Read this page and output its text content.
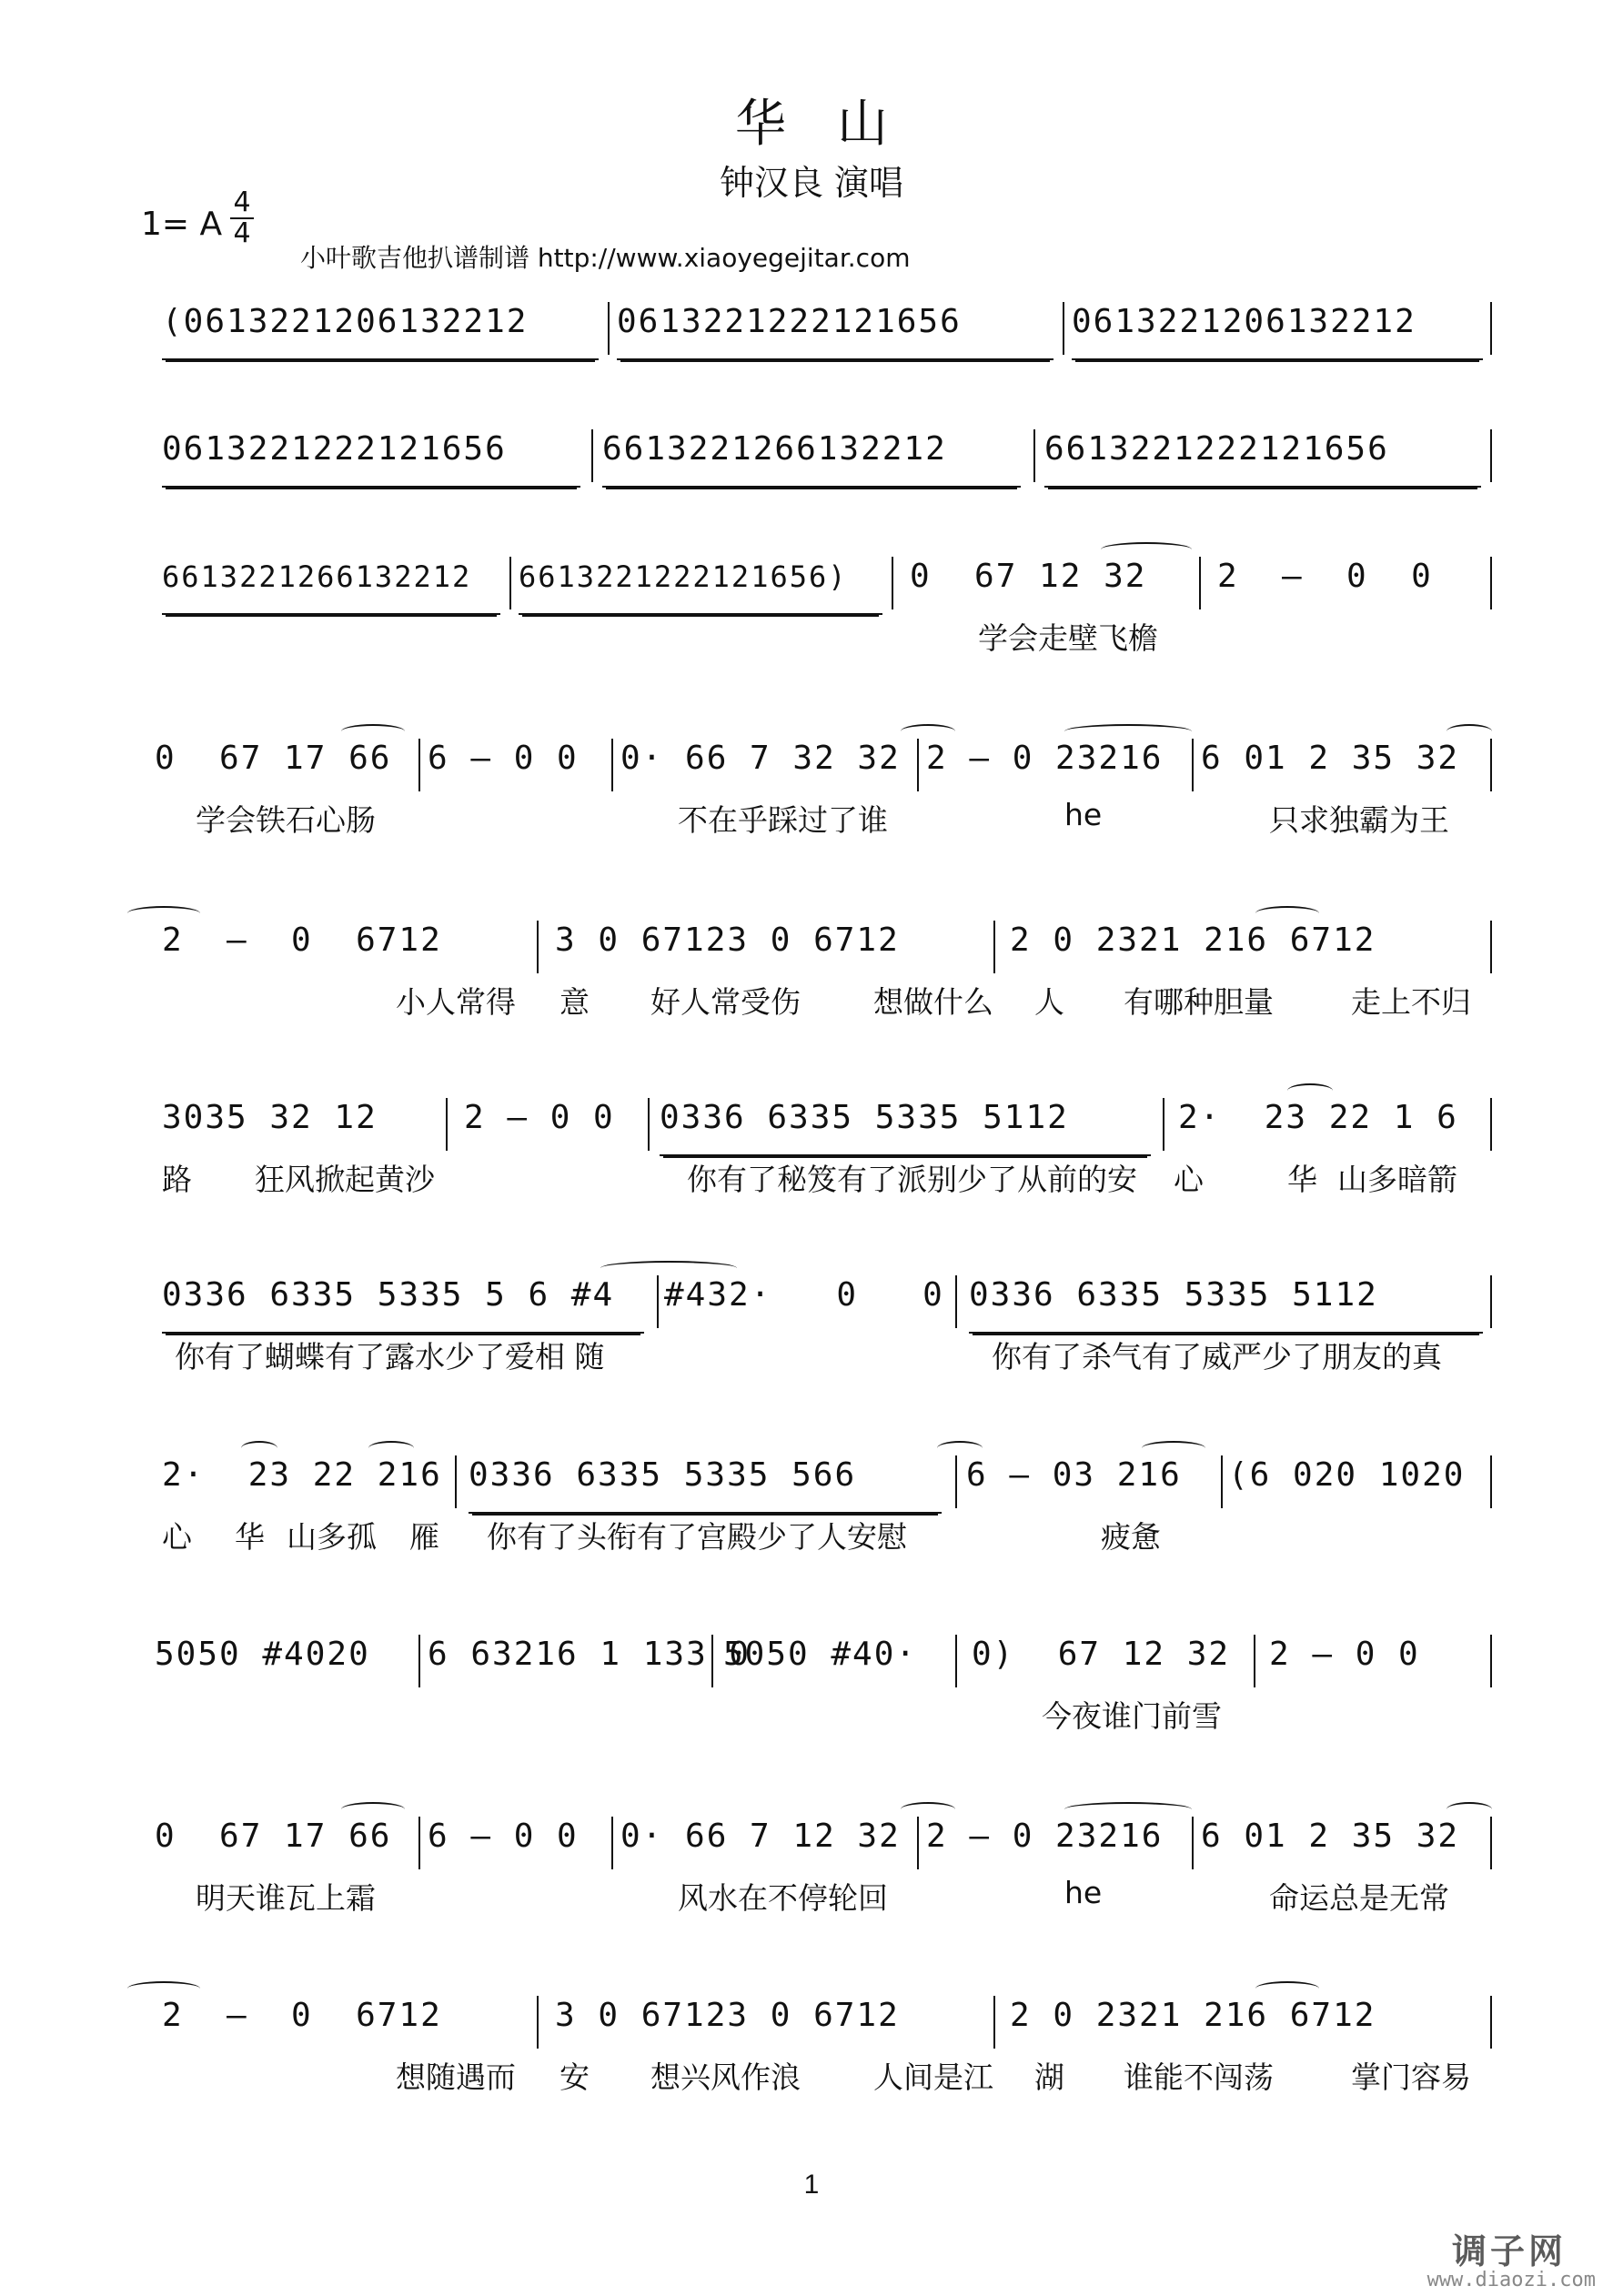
华山
钟汉良 演唱
1= A
4
4
小叶歌吉他扒谱制谱 http://www.xiaoyegejitar.com
(0613221206132212	0613221222121656	0613221206132212
0613221222121656	6613221266132212	6613221222121656
6613221266132212	6613221222121656)	0  67 12 32	2  —  0  0
学会走壁飞檐
0  67 17 66	6 — 0 0	0· 66 7 32 32 2 — 0 23216	6 01 2 35 32
学会铁石心肠	不在乎踩过了谁	he	只求独霸为王
2  —  0  6712	3 0 67123 0 6712	2 0 2321 216 6712
小人常得 意 好人常受伤 想做什么 人 有哪种胆量	走上不归
3035 32 12	2 — 0 0	0336 6335 5335 5112	2·  23 22 1 6
路 狂风掀起黄沙	你有了秘笈有了派别少了从前的安 心	华 山多暗箭
0336 6335 5335 5 6 #4	#432·   0   0 0336 6335 5335 5112
你有了蝴蝶有了露水少了爱相 随	你有了杀气有了威严少了朋友的真
2·  23 22 216 0336 6335 5335 566	6 — 03 216	(6 020 1020
心 华 山多孤 雁 你有了头衔有了宫殿少了人安慰	疲惫
5050 #4020	6 63216 1 133 0
5050 #40·	0)  67 12 32	2 — 0 0
今夜谁门前雪
0  67 17 66	6 — 0 0	0· 66 7 12 32 2 — 0 23216	6 01 2 35 32
明天谁瓦上霜	风水在不停轮回	he	命运总是无常
2  —  0  6712	3 0 67123 0 6712	2 0 2321 216 6712
想随遇而 安 想兴风作浪 人间是江 湖 谁能不闯荡	掌门容易
1
调子网
www.diaozi.com
